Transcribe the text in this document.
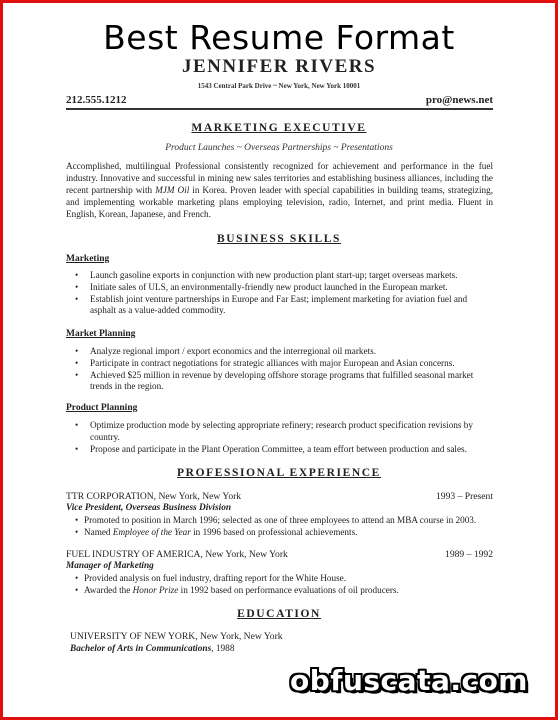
Best Resume Format
JENNIFER RIVERS
1543 Central Park Drive ~ New York, New York 10001
212.555.1212	pro@news.net
MARKETING EXECUTIVE
Product Launches ~ Overseas Partnerships ~ Presentations
Accomplished, multilingual Professional consistently recognized for achievement and performance in the fuel industry. Innovative and successful in mining new sales territories and establishing business alliances, including the recent partnership with MJM Oil in Korea. Proven leader with special capabilities in building teams, strategizing, and implementing workable marketing plans employing television, radio, Internet, and print media. Fluent in English, Korean, Japanese, and French.
BUSINESS SKILLS
Marketing
• Launch gasoline exports in conjunction with new production plant start-up; target overseas markets.
• Initiate sales of ULS, an environmentally-friendly new product launched in the European market.
• Establish joint venture partnerships in Europe and Far East; implement marketing for aviation fuel and asphalt as a value-added commodity.
Market Planning
• Analyze regional import / export economics and the interregional oil markets.
• Participate in contract negotiations for strategic alliances with major European and Asian concerns.
• Achieved $25 million in revenue by developing offshore storage programs that fulfilled seasonal market trends in the region.
Product Planning
• Optimize production mode by selecting appropriate refinery; research product specification revisions by country.
• Propose and participate in the Plant Operation Committee, a team effort between production and sales.
PROFESSIONAL EXPERIENCE
TTR CORPORATION, New York, New York	1993 – Present
Vice President, Overseas Business Division
• Promoted to position in March 1996; selected as one of three employees to attend an MBA course in 2003.
• Named Employee of the Year in 1996 based on professional achievements.
FUEL INDUSTRY OF AMERICA, New York, New York	1989 – 1992
Manager of Marketing
• Provided analysis on fuel industry, drafting report for the White House.
• Awarded the Honor Prize in 1992 based on performance evaluations of oil producers.
EDUCATION
UNIVERSITY OF NEW YORK, New York, New York
Bachelor of Arts in Communications, 1988
obfuscata.com
